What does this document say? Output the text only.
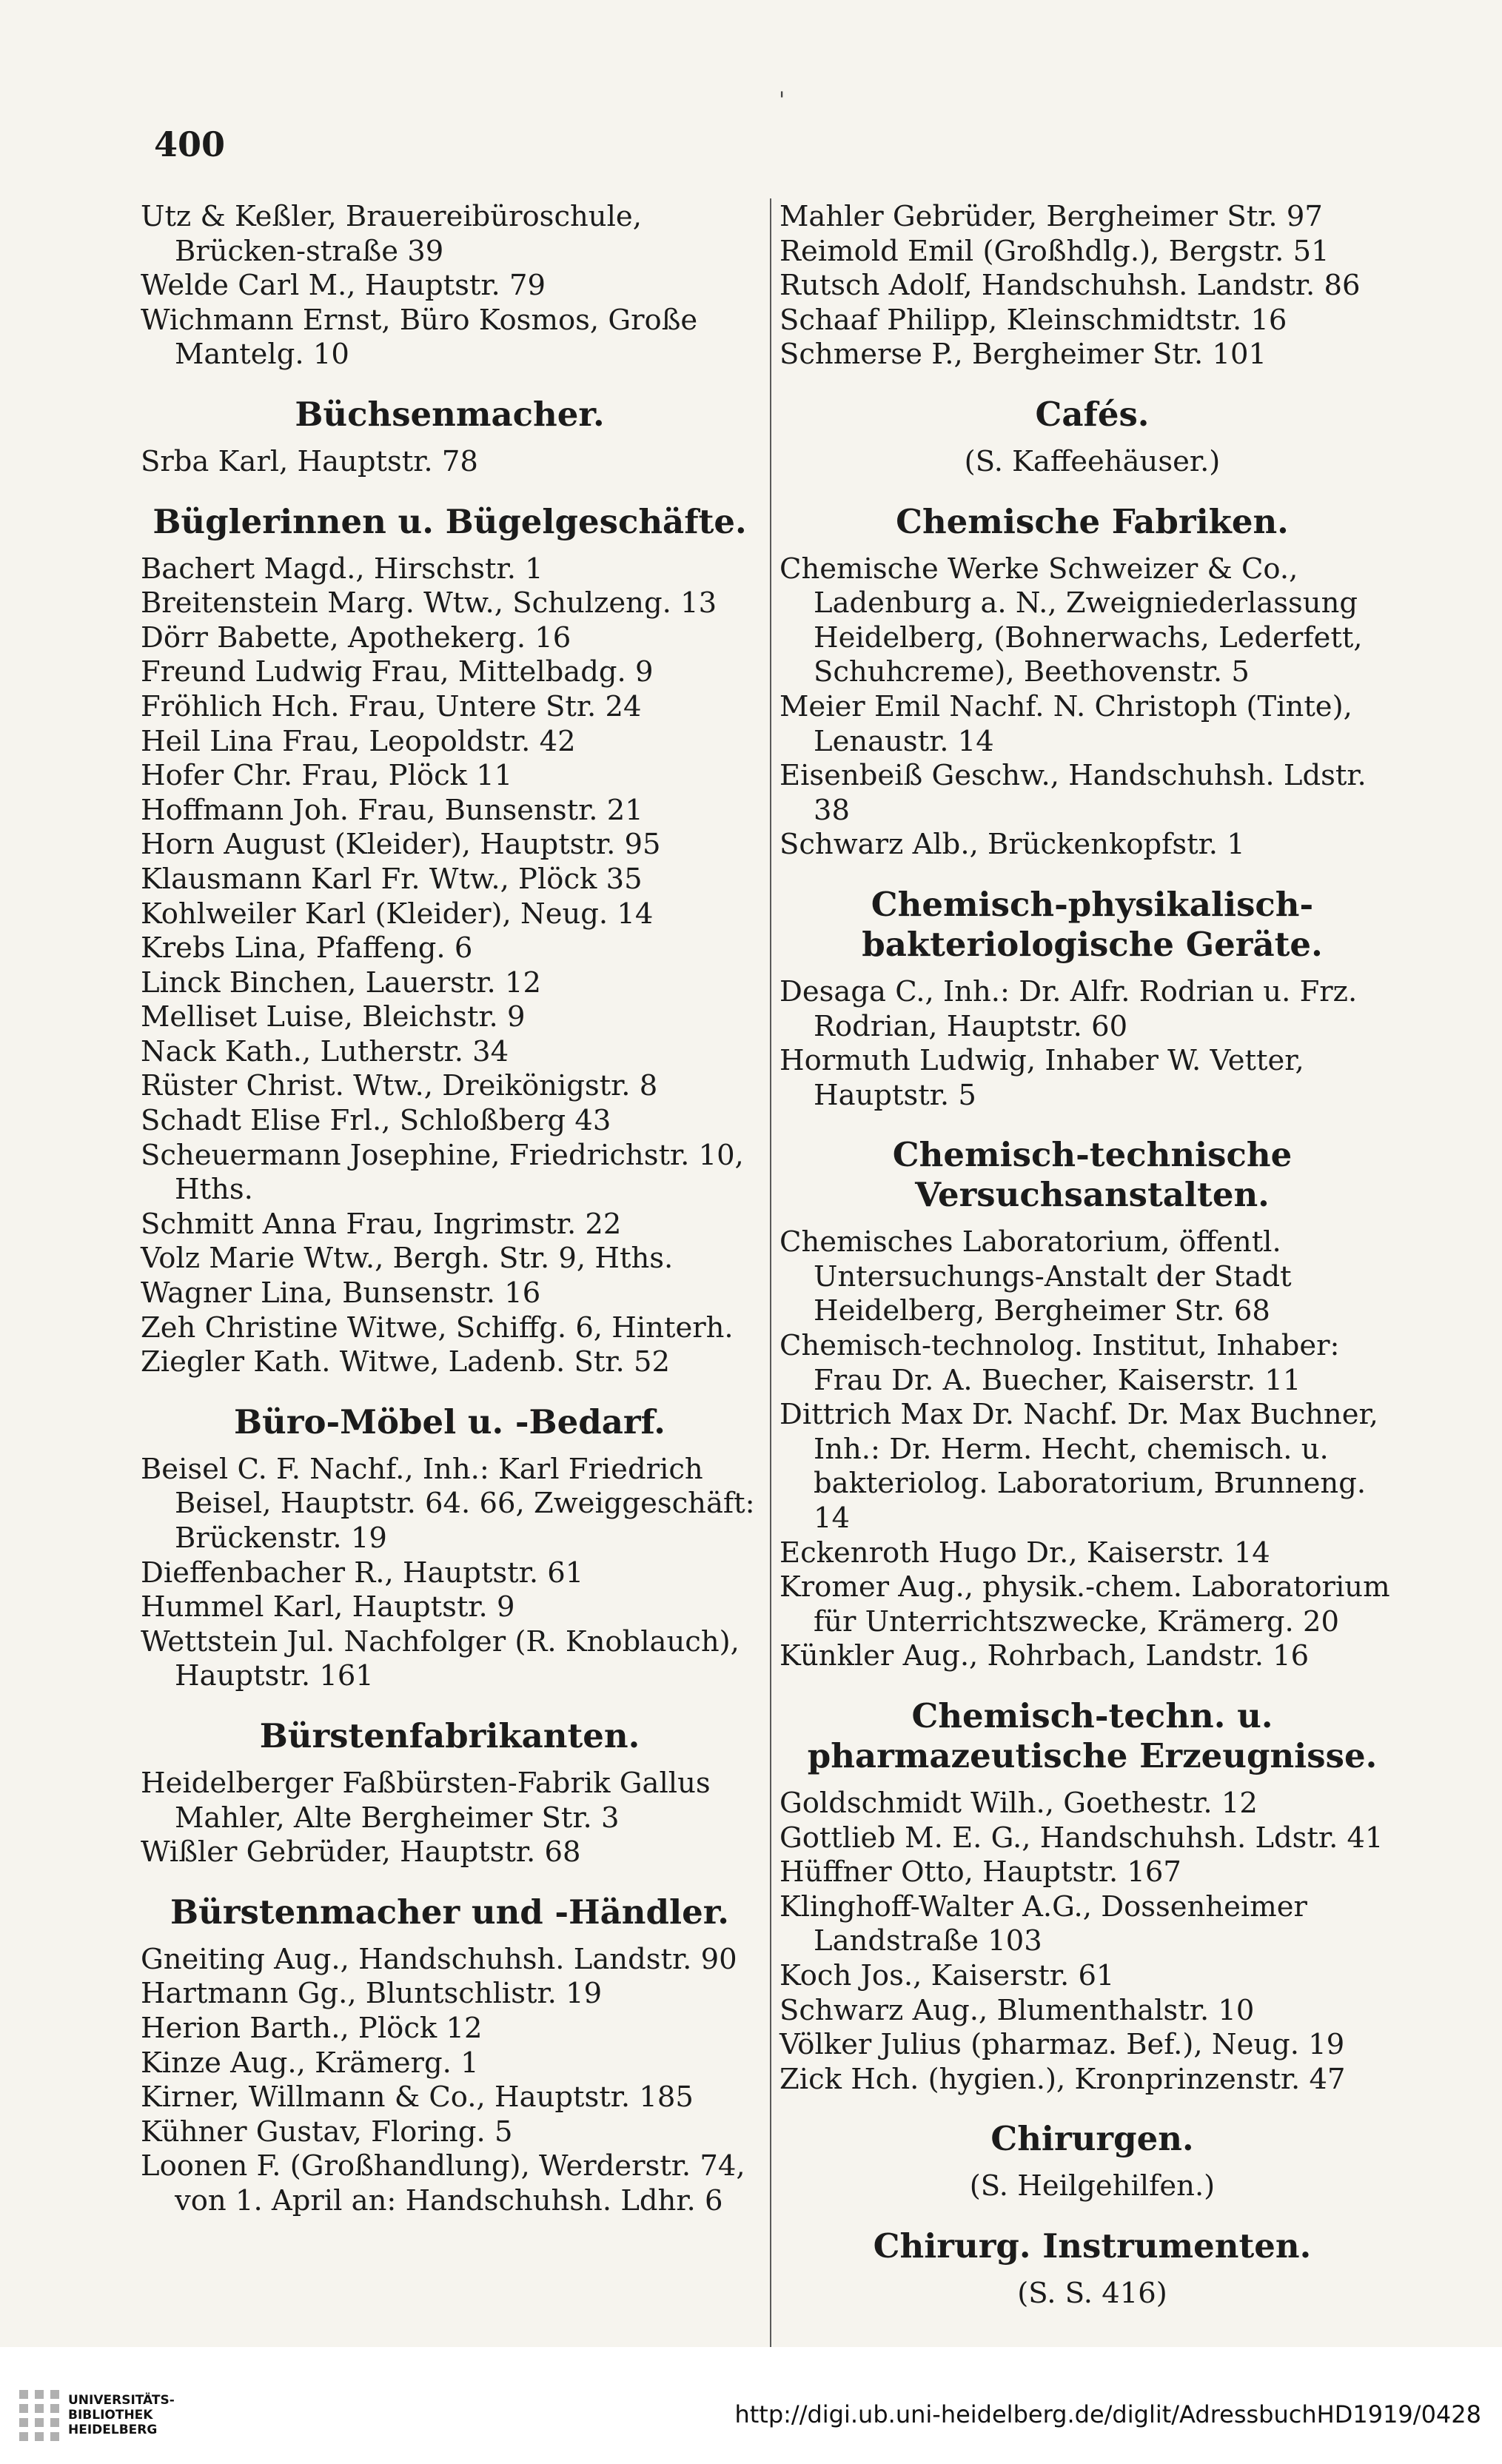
400
'
Utz & Keßler, Brauereibüroschule, Brücken-straße 39
Welde Carl M., Hauptstr. 79
Wichmann Ernst, Büro Kosmos, Große Mantelg. 10
Büchsenmacher.
Srba Karl, Hauptstr. 78
Büglerinnen u. Bügelgeschäfte.
Bachert Magd., Hirschstr. 1
Breitenstein Marg. Wtw., Schulzeng. 13
Dörr Babette, Apothekerg. 16
Freund Ludwig Frau, Mittelbadg. 9
Fröhlich Hch. Frau, Untere Str. 24
Heil Lina Frau, Leopoldstr. 42
Hofer Chr. Frau, Plöck 11
Hoffmann Joh. Frau, Bunsenstr. 21
Horn August (Kleider), Hauptstr. 95
Klausmann Karl Fr. Wtw., Plöck 35
Kohlweiler Karl (Kleider), Neug. 14
Krebs Lina, Pfaffeng. 6
Linck Binchen, Lauerstr. 12
Melliset Luise, Bleichstr. 9
Nack Kath., Lutherstr. 34
Rüster Christ. Wtw., Dreikönigstr. 8
Schadt Elise Frl., Schloßberg 43
Scheuermann Josephine, Friedrichstr. 10, Hths.
Schmitt Anna Frau, Ingrimstr. 22
Volz Marie Wtw., Bergh. Str. 9, Hths.
Wagner Lina, Bunsenstr. 16
Zeh Christine Witwe, Schiffg. 6, Hinterh.
Ziegler Kath. Witwe, Ladenb. Str. 52
Büro-Möbel u. -Bedarf.
Beisel C. F. Nachf., Inh.: Karl Friedrich Beisel, Hauptstr. 64. 66, Zweiggeschäft: Brückenstr. 19
Dieffenbacher R., Hauptstr. 61
Hummel Karl, Hauptstr. 9
Wettstein Jul. Nachfolger (R. Knoblauch), Hauptstr. 161
Bürstenfabrikanten.
Heidelberger Faßbürsten-Fabrik Gallus Mahler, Alte Bergheimer Str. 3
Wißler Gebrüder, Hauptstr. 68
Bürstenmacher und -Händler.
Gneiting Aug., Handschuhsh. Landstr. 90
Hartmann Gg., Bluntschlistr. 19
Herion Barth., Plöck 12
Kinze Aug., Krämerg. 1
Kirner, Willmann & Co., Hauptstr. 185
Kühner Gustav, Floring. 5
Loonen F. (Großhandlung), Werderstr. 74, von 1. April an: Handschuhsh. Ldhr. 6
Mahler Gebrüder, Bergheimer Str. 97
Reimold Emil (Großhdlg.), Bergstr. 51
Rutsch Adolf, Handschuhsh. Landstr. 86
Schaaf Philipp, Kleinschmidtstr. 16
Schmerse P., Bergheimer Str. 101
Cafés.
(S. Kaffeehäuser.)
Chemische Fabriken.
Chemische Werke Schweizer & Co., Ladenburg a. N., Zweigniederlassung Heidelberg, (Bohnerwachs, Lederfett, Schuhcreme), Beethovenstr. 5
Meier Emil Nachf. N. Christoph (Tinte), Lenaustr. 14
Eisenbeiß Geschw., Handschuhsh. Ldstr. 38
Schwarz Alb., Brückenkopfstr. 1
Chemisch-physikalisch-bakteriologische Geräte.
Desaga C., Inh.: Dr. Alfr. Rodrian u. Frz. Rodrian, Hauptstr. 60
Hormuth Ludwig, Inhaber W. Vetter, Hauptstr. 5
Chemisch-technische Versuchsanstalten.
Chemisches Laboratorium, öffentl. Untersuchungs-Anstalt der Stadt Heidelberg, Bergheimer Str. 68
Chemisch-technolog. Institut, Inhaber: Frau Dr. A. Buecher, Kaiserstr. 11
Dittrich Max Dr. Nachf. Dr. Max Buchner, Inh.: Dr. Herm. Hecht, chemisch. u. bakteriolog. Laboratorium, Brunneng. 14
Eckenroth Hugo Dr., Kaiserstr. 14
Kromer Aug., physik.-chem. Laboratorium für Unterrichtszwecke, Krämerg. 20
Künkler Aug., Rohrbach, Landstr. 16
Chemisch-techn. u. pharmazeutische Erzeugnisse.
Goldschmidt Wilh., Goethestr. 12
Gottlieb M. E. G., Handschuhsh. Ldstr. 41
Hüffner Otto, Hauptstr. 167
Klinghoff-Walter A.G., Dossenheimer Landstraße 103
Koch Jos., Kaiserstr. 61
Schwarz Aug., Blumenthalstr. 10
Völker Julius (pharmaz. Bef.), Neug. 19
Zick Hch. (hygien.), Kronprinzenstr. 47
Chirurgen.
(S. Heilgehilfen.)
Chirurg. Instrumenten.
(S. S. 416)
UNIVERSITÄTS-
BIBLIOTHEK
HEIDELBERG
http://digi.ub.uni-heidelberg.de/diglit/AdressbuchHD1919/0428
